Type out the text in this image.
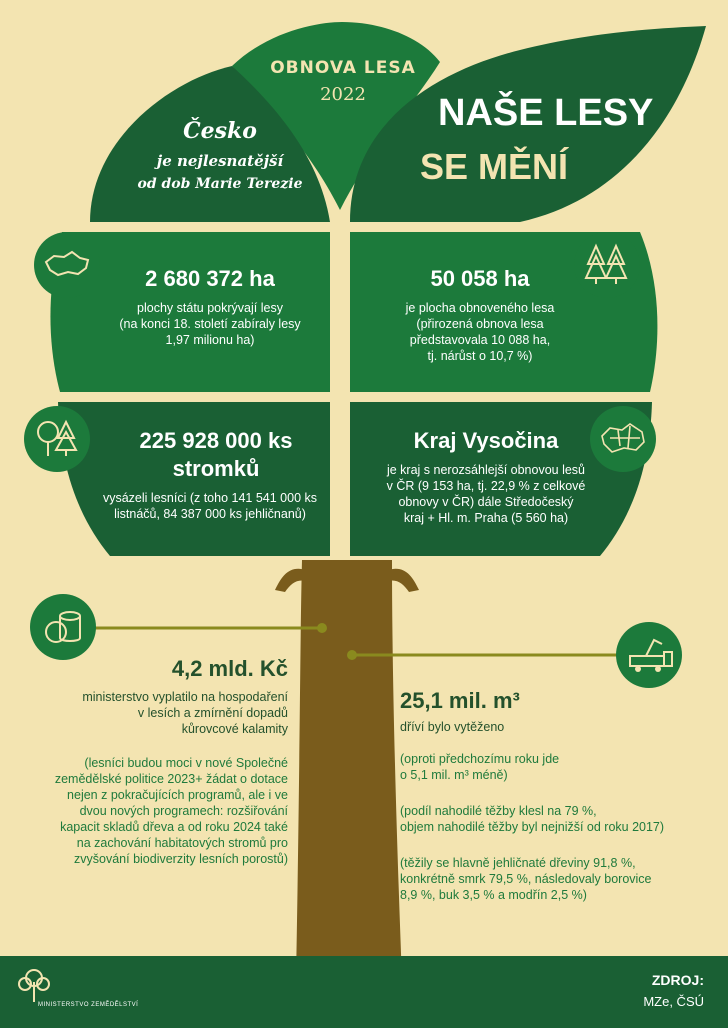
OBNOVA LESA
2022
Česko
je nejlesnatější
od dob Marie Terezie
NAŠE LESY
SE MĚNÍ
2 680 372 ha
plochy státu pokrývají lesy
(na konci 18. století zabíraly lesy
1,97 milionu ha)
50 058 ha
je plocha obnoveného lesa
(přirozená obnova lesa
představovala 10 088 ha,
tj. nárůst o 10,7 %)
225 928 000 ks
stromků
vysázeli lesníci (z toho 141 541 000 ks
listnáčů, 84 387 000 ks jehličnanů)
Kraj Vysočina
je kraj s nerozsáhlejší obnovou lesů
v ČR (9 153 ha, tj. 22,9 % z celkové
obnovy v ČR) dále Středočeský
kraj + Hl. m. Praha (5 560 ha)
4,2 mld. Kč
ministerstvo vyplatilo na hospodaření
v lesích a zmírnění dopadů
kůrovcové kalamity
(lesníci budou moci v nové Společné
zemědělské politice 2023+ žádat o dotace
nejen z pokračujících programů, ale i ve
dvou nových programech: rozšiřování
kapacit skladů dřeva a od roku 2024 také
na zachování habitatových stromů pro
zvyšování biodiverzity lesních porostů)
25,1 mil. m³
dříví bylo vytěženo
(oproti předchozímu roku jde
o 5,1 mil. m³ méně)
(podíl nahodilé těžby klesl na 79 %,
objem nahodilé těžby byl nejnižší od roku 2017)
(těžily se hlavně jehličnaté dřeviny 91,8 %,
konkrétně smrk 79,5 %, následovaly borovice
8,9 %, buk 3,5 % a modřín 2,5 %)
MINISTERSTVO ZEMĚDĚLSTVÍ
ZDROJ:
MZe, ČSÚ
